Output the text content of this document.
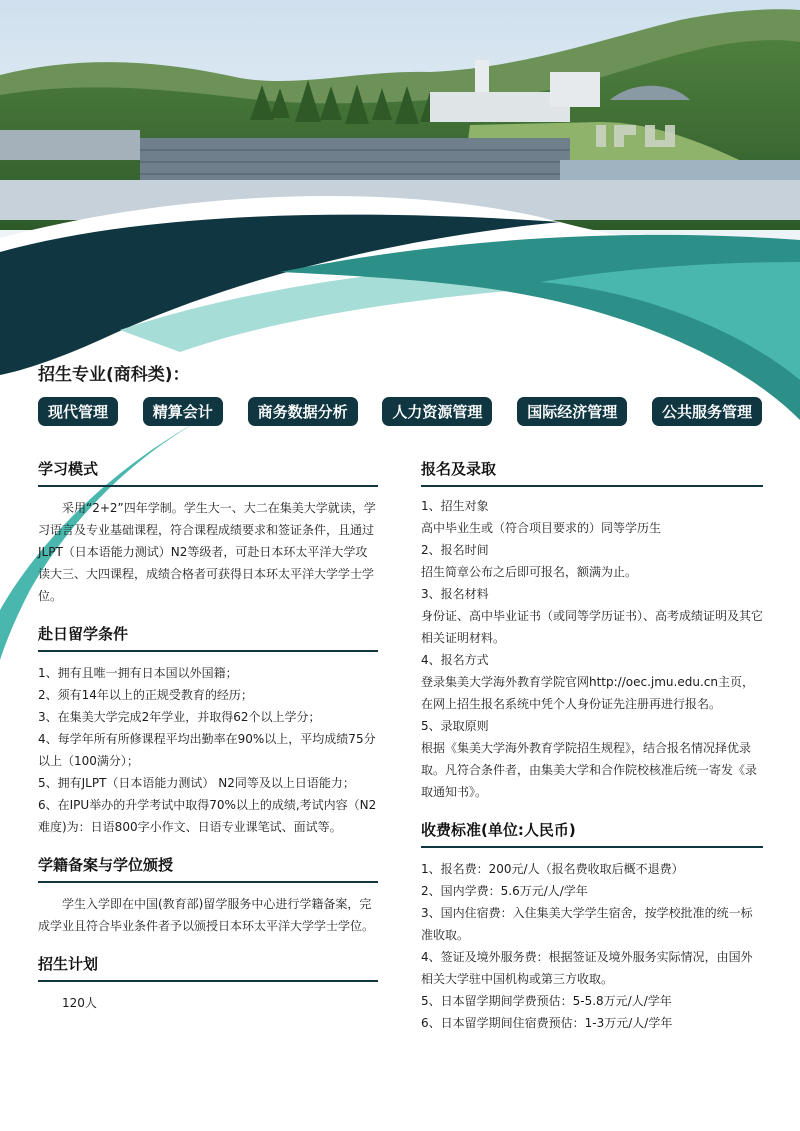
招生专业(商科类)：
现代管理	精算会计	商务数据分析	人力资源管理	国际经济管理	公共服务管理
学习模式

采用“2+2”四年学制。学生大一、大二在集美大学就读，学习语言及专业基础课程，符合课程成绩要求和签证条件，且通过JLPT（日本语能力测试）N2等级者，可赴日本环太平洋大学攻读大三、大四课程，成绩合格者可获得日本环太平洋大学学士学位。

赴日留学条件
1、拥有且唯一拥有日本国以外国籍；
2、须有14年以上的正规受教育的经历；
3、在集美大学完成2年学业，并取得62个以上学分；
4、每学年所有所修课程平均出勤率在90%以上，平均成绩75分以上（100满分）；
5、拥有JLPT（日本语能力测试） N2同等及以上日语能力；
6、在IPU举办的升学考试中取得70%以上的成绩,考试内容（N2难度)为：日语800字小作文、日语专业课笔试、面试等。
学籍备案与学位颁授

学生入学即在中国(教育部)留学服务中心进行学籍备案，完成学业且符合毕业条件者予以颁授日本环太平洋大学学士学位。

招生计划

120人

报名及录取
1、招生对象
高中毕业生或（符合项目要求的）同等学历生
2、报名时间
招生简章公布之后即可报名，额满为止。
3、报名材料
身份证、高中毕业证书（或同等学历证书）、高考成绩证明及其它相关证明材料。
4、报名方式
登录集美大学海外教育学院官网http://oec.jmu.edu.cn主页，在网上招生报名系统中凭个人身份证先注册再进行报名。
5、录取原则
根据《集美大学海外教育学院招生规程》，结合报名情况择优录取。凡符合条件者，由集美大学和合作院校核准后统一寄发《录取通知书》。
收费标准(单位:人民币)
1、报名费：200元/人（报名费收取后概不退费）
2、国内学费：5.6万元/人/学年
3、国内住宿费：入住集美大学学生宿舍，按学校批准的统一标准收取。
4、签证及境外服务费：根据签证及境外服务实际情况，由国外相关大学驻中国机构或第三方收取。
5、日本留学期间学费预估：5-5.8万元/人/学年
6、日本留学期间住宿费预估：1-3万元/人/学年
